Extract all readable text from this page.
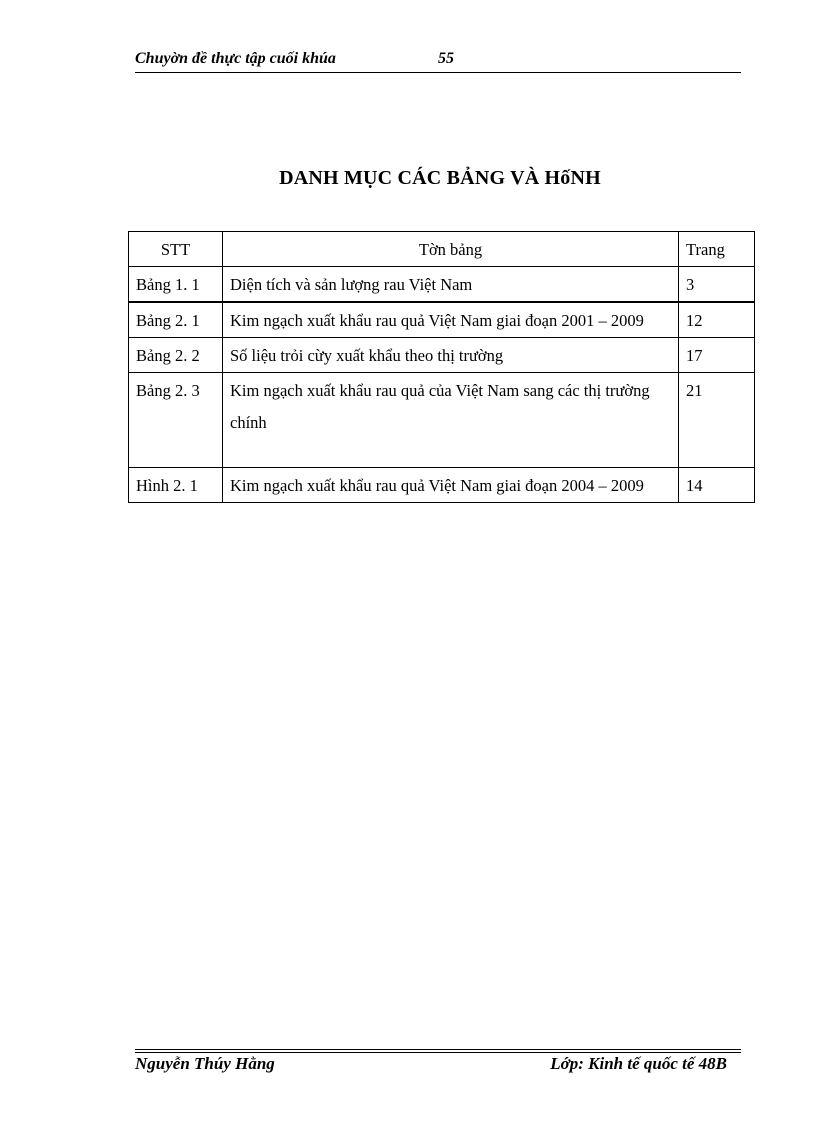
Chuyờn đề thực tập cuối khúa	55
DANH MỤC CÁC BẢNG VÀ HốNH
STT	Tờn bảng	Trang
Bảng 1. 1	Diện tích và sản lượng rau Việt Nam	3
Bảng 2. 1	Kim ngạch xuất khẩu rau quả Việt Nam giai đoạn 2001 – 2009	12
Bảng 2. 2	Số liệu trỏi cừy xuất khẩu theo thị trường	17
Bảng 2. 3	Kim ngạch xuất khẩu rau quả của Việt Nam sang các thị trường chính	21
Hình 2. 1	Kim ngạch xuất khẩu rau quả Việt Nam giai đoạn 2004 – 2009	14
Nguyễn Thúy Hằng	Lớp: Kinh tế quốc tế 48B
